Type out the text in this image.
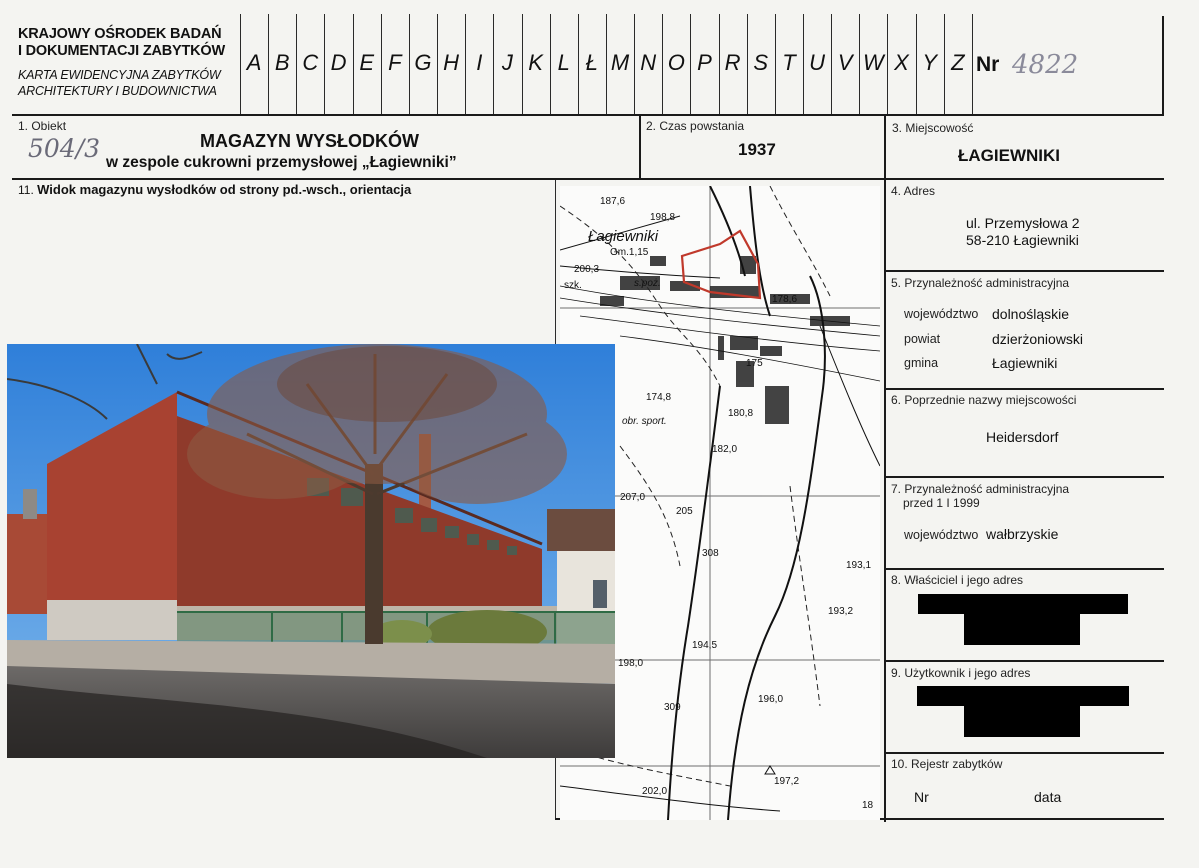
KRAJOWY OŚRODEK BADAŃ
I DOKUMENTACJI ZABYTKÓW
KARTA EWIDENCYJNA ZABYTKÓW
ARCHITEKTURY I BUDOWNICTWA
A B C D E F G H I J K L Ł M N O P R S T U V W X Y Z Nr 4822
1. Obiekt
504/3	MAGAZYN WYSŁODKÓW
w zespole cukrowni przemysłowej „Łagiewniki”
2. Czas powstania
1937
3. Miejscowość
ŁAGIEWNIKI
11. Widok magazynu wysłodków od strony pd.-wsch., orientacja	4. Adres
ul. Przemysłowa 2
58-210 Łagiewniki
5. Przynależność administracyjna
województwo dolnośląskie
powiat	dzierżoniowski
gmina	Łagiewniki
6. Poprzednie nazwy miejscowości
Heidersdorf
7. Przynależność administracyjna
przed 1 I 1999
województwo wałbrzyskie
8. Właściciel i jego adres
9. Użytkownik i jego adres
10. Rejestr zabytków
Nr	data
187,6
198,8
Łagiewniki
Gm.1,15
200,3
szk.	s.poż.
178,6
175
174,8
180,8
obr. sport.
182,0
207,0
205
308
193,1
193,2
194,5
198,0
309
196,0
202,0
197,2
18
